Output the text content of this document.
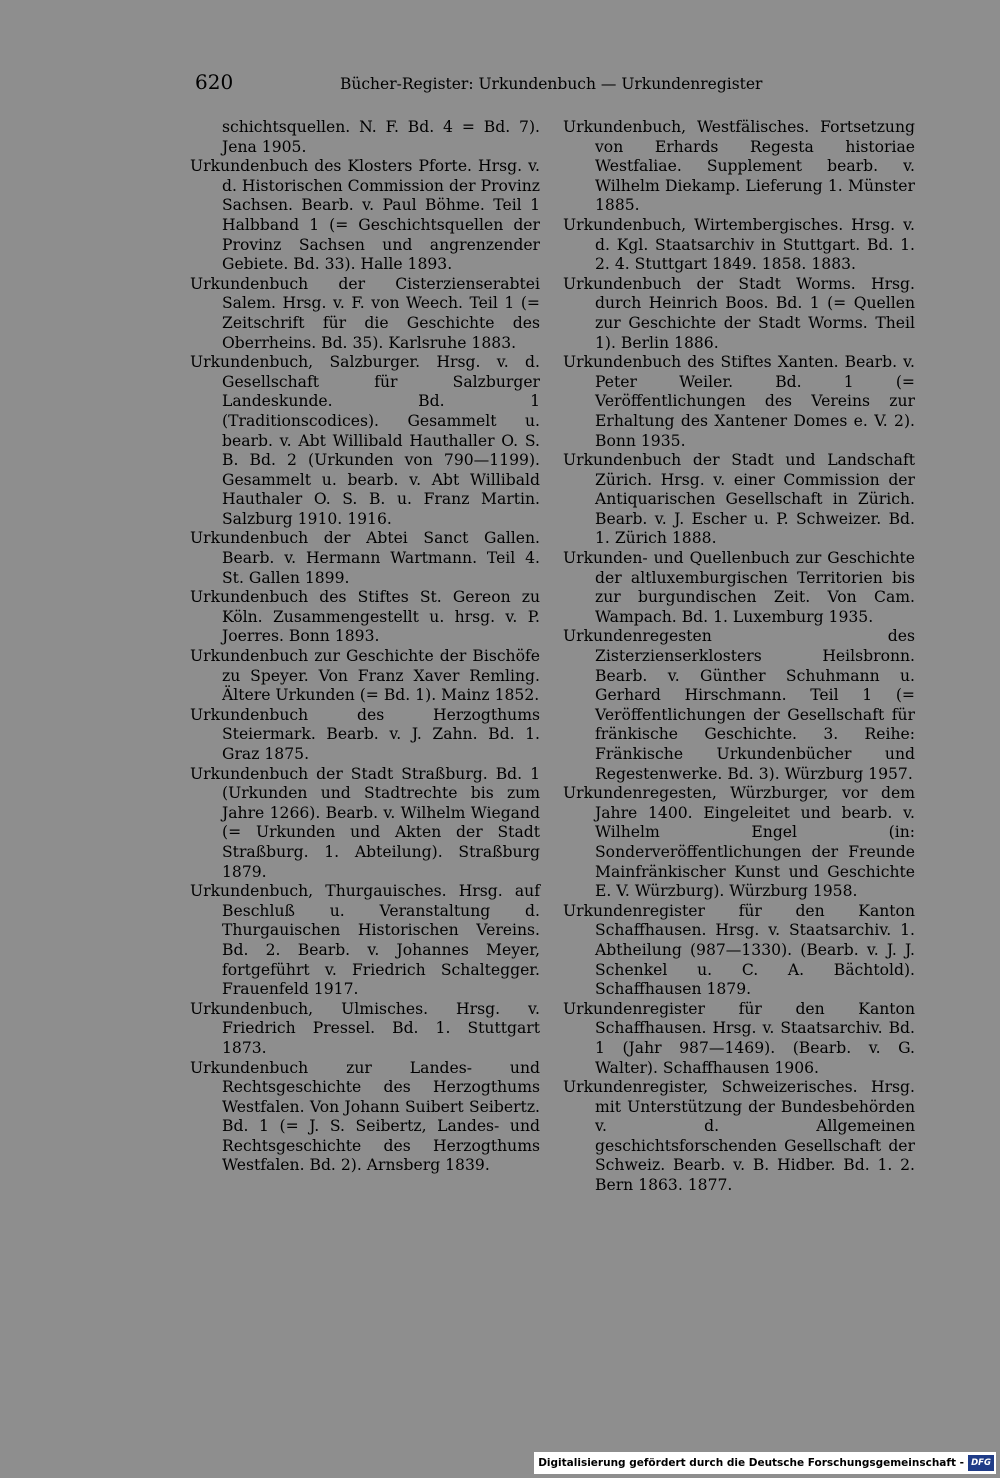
620	Bücher-Register: Urkundenbuch — Urkundenregister

schichtsquellen. N. F. Bd. 4 = Bd. 7). Jena 1905.

Urkundenbuch des Klosters Pforte. Hrsg. v. d. Historischen Commission der Provinz Sachsen. Bearb. v. Paul Böhme. Teil 1 Halbband 1 (= Geschichtsquellen der Provinz Sachsen und angrenzender Gebiete. Bd. 33). Halle 1893.

Urkundenbuch der Cisterzienserabtei Salem. Hrsg. v. F. von Weech. Teil 1 (= Zeitschrift für die Geschichte des Oberrheins. Bd. 35). Karlsruhe 1883.

Urkundenbuch, Salzburger. Hrsg. v. d. Gesellschaft für Salzburger Landeskunde. Bd. 1 (Traditionscodices). Gesammelt u. bearb. v. Abt Willibald Hauthaller O. S. B. Bd. 2 (Urkunden von 790—1199). Gesammelt u. bearb. v. Abt Willibald Hauthaler O. S. B. u. Franz Martin. Salzburg 1910. 1916.

Urkundenbuch der Abtei Sanct Gallen. Bearb. v. Hermann Wartmann. Teil 4. St. Gallen 1899.

Urkundenbuch des Stiftes St. Gereon zu Köln. Zusammengestellt u. hrsg. v. P. Joerres. Bonn 1893.

Urkundenbuch zur Geschichte der Bischöfe zu Speyer. Von Franz Xaver Remling. Ältere Urkunden (= Bd. 1). Mainz 1852.

Urkundenbuch des Herzogthums Steiermark. Bearb. v. J. Zahn. Bd. 1. Graz 1875.

Urkundenbuch der Stadt Straßburg. Bd. 1 (Urkunden und Stadtrechte bis zum Jahre 1266). Bearb. v. Wilhelm Wiegand (= Urkunden und Akten der Stadt Straßburg. 1. Abteilung). Straßburg 1879.

Urkundenbuch, Thurgauisches. Hrsg. auf Beschluß u. Veranstaltung d. Thurgauischen Historischen Vereins. Bd. 2. Bearb. v. Johannes Meyer, fortgeführt v. Friedrich Schaltegger. Frauenfeld 1917.

Urkundenbuch, Ulmisches. Hrsg. v. Friedrich Pressel. Bd. 1. Stuttgart 1873.

Urkundenbuch zur Landes- und Rechtsgeschichte des Herzogthums Westfalen. Von Johann Suibert Seibertz. Bd. 1 (= J. S. Seibertz, Landes- und Rechtsgeschichte des Herzogthums Westfalen. Bd. 2). Arnsberg 1839.

Urkundenbuch, Westfälisches. Fortsetzung von Erhards Regesta historiae Westfaliae. Supplement bearb. v. Wilhelm Diekamp. Lieferung 1. Münster 1885.

Urkundenbuch, Wirtembergisches. Hrsg. v. d. Kgl. Staatsarchiv in Stuttgart. Bd. 1. 2. 4. Stuttgart 1849. 1858. 1883.

Urkundenbuch der Stadt Worms. Hrsg. durch Heinrich Boos. Bd. 1 (= Quellen zur Geschichte der Stadt Worms. Theil 1). Berlin 1886.

Urkundenbuch des Stiftes Xanten. Bearb. v. Peter Weiler. Bd. 1 (= Veröffentlichungen des Vereins zur Erhaltung des Xantener Domes e. V. 2). Bonn 1935.

Urkundenbuch der Stadt und Landschaft Zürich. Hrsg. v. einer Commission der Antiquarischen Gesellschaft in Zürich. Bearb. v. J. Escher u. P. Schweizer. Bd. 1. Zürich 1888.

Urkunden- und Quellenbuch zur Geschichte der altluxemburgischen Territorien bis zur burgundischen Zeit. Von Cam. Wampach. Bd. 1. Luxemburg 1935.

Urkundenregesten des Zisterzienserklosters Heilsbronn. Bearb. v. Günther Schuhmann u. Gerhard Hirschmann. Teil 1 (= Veröffentlichungen der Gesellschaft für fränkische Geschichte. 3. Reihe: Fränkische Urkundenbücher und Regestenwerke. Bd. 3). Würzburg 1957.

Urkundenregesten, Würzburger, vor dem Jahre 1400. Eingeleitet und bearb. v. Wilhelm Engel (in: Sonderveröffentlichungen der Freunde Mainfränkischer Kunst und Geschichte E. V. Würzburg). Würzburg 1958.

Urkundenregister für den Kanton Schaffhausen. Hrsg. v. Staatsarchiv. 1. Abtheilung (987—1330). (Bearb. v. J. J. Schenkel u. C. A. Bächtold). Schaffhausen 1879.

Urkundenregister für den Kanton Schaffhausen. Hrsg. v. Staatsarchiv. Bd. 1 (Jahr 987—1469). (Bearb. v. G. Walter). Schaffhausen 1906.

Urkundenregister, Schweizerisches. Hrsg. mit Unterstützung der Bundesbehörden v. d. Allgemeinen geschichtsforschenden Gesellschaft der Schweiz. Bearb. v. B. Hidber. Bd. 1. 2. Bern 1863. 1877.

Digitalisierung gefördert durch die Deutsche Forschungsgemeinschaft - DFG
